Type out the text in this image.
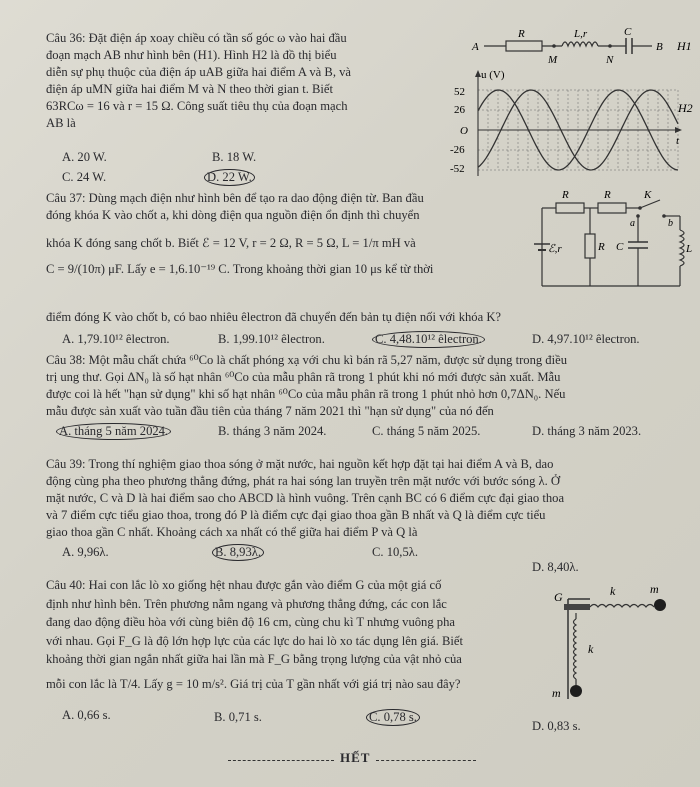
Câu 36: Đặt điện áp xoay chiều có tần số góc ω vào hai đầu
đoạn mạch AB như hình bên (H1). Hình H2 là đồ thị biểu
diễn sự phụ thuộc của điện áp uAB giữa hai điểm A và B, và
điện áp uMN giữa hai điểm M và N theo thời gian t. Biết
63RCω = 16 và r = 15 Ω. Công suất tiêu thụ của đoạn mạch
AB là
A. 20 W.	B. 18 W.
C. 24 W.	D. 22 W.
A	B
R	L,r	C
M	N
H1
u (V)
t
52
26
O
-26
-52
H2
Câu 37: Dùng mạch điện như hình bên để tạo ra dao động điện từ. Ban đầu
đóng khóa K vào chốt a, khi dòng điện qua nguồn điện ổn định thì chuyển
khóa K đóng sang chốt b. Biết ℰ = 12 V, r = 2 Ω, R = 5 Ω, L = 1/π mH và
C = 9/(10π) μF. Lấy e = 1,6.10⁻¹⁹ C. Trong khoảng thời gian 10 μs kể từ thời
điểm đóng K vào chốt b, có bao nhiêu êlectron đã chuyển đến bản tụ điện nối với khóa K?
A. 1,79.10¹² êlectron.	B. 1,99.10¹² êlectron.	C. 4,48.10¹² êlectron.	D. 4,97.10¹² êlectron.
R	R	K
a	b
ℰ,r	R C	L
Câu 38: Một mẫu chất chứa ⁶⁰Co là chất phóng xạ với chu kì bán rã 5,27 năm, được sử dụng trong điều
trị ung thư. Gọi ΔN₀ là số hạt nhân ⁶⁰Co của mẫu phân rã trong 1 phút khi nó mới được sản xuất. Mẫu
được coi là hết "hạn sử dụng" khi số hạt nhân ⁶⁰Co của mẫu phân rã trong 1 phút nhỏ hơn 0,7ΔN₀. Nếu
mẫu được sản xuất vào tuần đầu tiên của tháng 7 năm 2021 thì "hạn sử dụng" của nó đến
A. tháng 5 năm 2024.	B. tháng 3 năm 2024.	C. tháng 5 năm 2025.	D. tháng 3 năm 2023.
Câu 39: Trong thí nghiệm giao thoa sóng ở mặt nước, hai nguồn kết hợp đặt tại hai điểm A và B, dao
động cùng pha theo phương thẳng đứng, phát ra hai sóng lan truyền trên mặt nước với bước sóng λ. Ở
mặt nước, C và D là hai điểm sao cho ABCD là hình vuông. Trên cạnh BC có 6 điểm cực đại giao thoa
và 7 điểm cực tiểu giao thoa, trong đó P là điểm cực đại giao thoa gần B nhất và Q là điểm cực tiểu
giao thoa gần C nhất. Khoảng cách xa nhất có thể giữa hai điểm P và Q là
A. 9,96λ.	B. 8,93λ.	C. 10,5λ.
D. 8,40λ.
Câu 40: Hai con lắc lò xo giống hệt nhau được gắn vào điểm G của một giá cố
định như hình bên. Trên phương nằm ngang và phương thẳng đứng, các con lắc
đang dao động điều hòa với cùng biên độ 16 cm, cùng chu kì T nhưng vuông pha
với nhau. Gọi F_G là độ lớn hợp lực của các lực do hai lò xo tác dụng lên giá. Biết
khoảng thời gian ngắn nhất giữa hai lần mà F_G bằng trọng lượng của vật nhỏ của
mỗi con lắc là T/4. Lấy g = 10 m/s². Giá trị của T gần nhất với giá trị nào sau đây?
A. 0,66 s.	B. 0,71 s.	C. 0,78 s.
D. 0,83 s.
G	k	m
k
m
HẾT
